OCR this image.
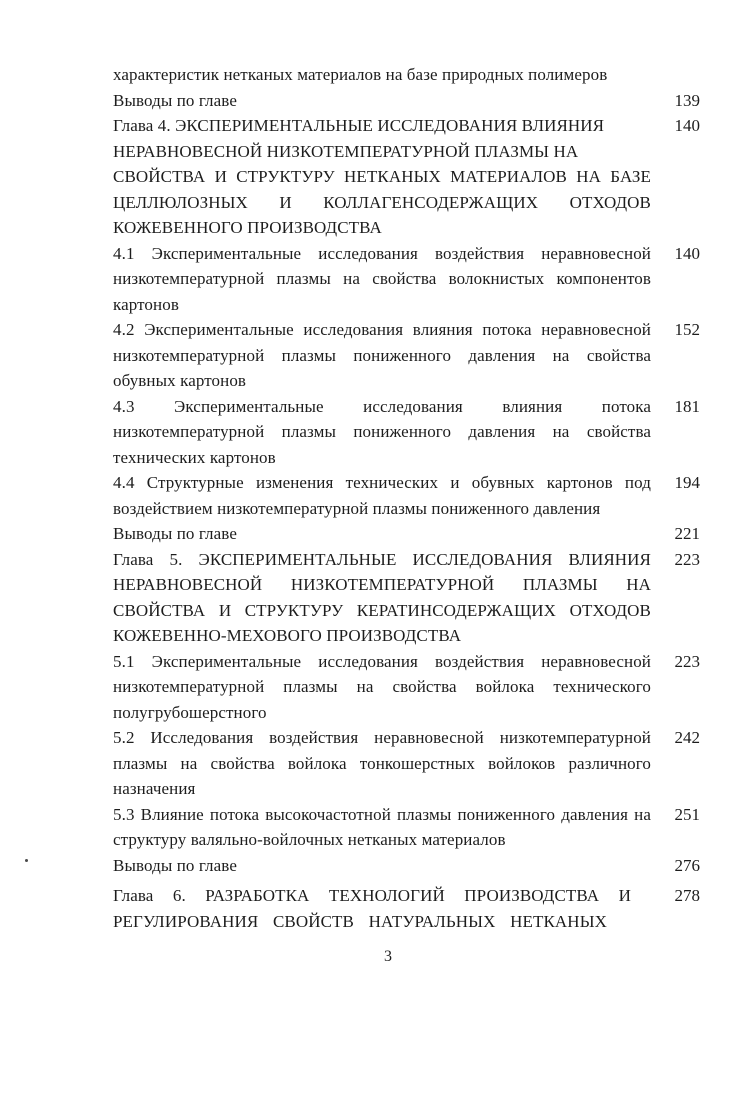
характеристик нетканых материалов на базе природных полимеров
Выводы по главе	139
Глава 4. ЭКСПЕРИМЕНТАЛЬНЫЕ ИССЛЕДОВАНИЯ ВЛИЯНИЯ	140
НЕРАВНОВЕСНОЙ НИЗКОТЕМПЕРАТУРНОЙ ПЛАЗМЫ НА
СВОЙСТВА И СТРУКТУРУ НЕТКАНЫХ МАТЕРИАЛОВ НА БАЗЕ
ЦЕЛЛЮЛОЗНЫХ И КОЛЛАГЕНСОДЕРЖАЩИХ ОТХОДОВ
КОЖЕВЕННОГО ПРОИЗВОДСТВА
4.1 Экспериментальные исследования воздействия неравновесной	140
низкотемпературной плазмы на свойства волокнистых компонентов
картонов
4.2 Экспериментальные исследования влияния потока неравновесной	152
низкотемпературной плазмы пониженного давления на свойства
обувных картонов
4.3 Экспериментальные исследования влияния потока	181
низкотемпературной плазмы пониженного давления на свойства
технических картонов
4.4 Структурные изменения технических и обувных картонов под	194
воздействием низкотемпературной плазмы пониженного давления
Выводы по главе	221
Глава 5. ЭКСПЕРИМЕНТАЛЬНЫЕ ИССЛЕДОВАНИЯ ВЛИЯНИЯ	223
НЕРАВНОВЕСНОЙ НИЗКОТЕМПЕРАТУРНОЙ ПЛАЗМЫ НА
СВОЙСТВА И СТРУКТУРУ КЕРАТИНСОДЕРЖАЩИХ ОТХОДОВ
КОЖЕВЕННО-МЕХОВОГО ПРОИЗВОДСТВА
5.1 Экспериментальные исследования воздействия неравновесной	223
низкотемпературной плазмы на свойства войлока технического
полугрубошерстного
5.2 Исследования воздействия неравновесной низкотемпературной	242
плазмы на свойства войлока тонкошерстных войлоков различного
назначения
5.3 Влияние потока высокочастотной плазмы пониженного давления на	251
структуру валяльно-войлочных нетканых материалов
Выводы по главе	276
Глава 6. РАЗРАБОТКА ТЕХНОЛОГИЙ ПРОИЗВОДСТВА И	278
РЕГУЛИРОВАНИЯ СВОЙСТВ НАТУРАЛЬНЫХ НЕТКАНЫХ
3
